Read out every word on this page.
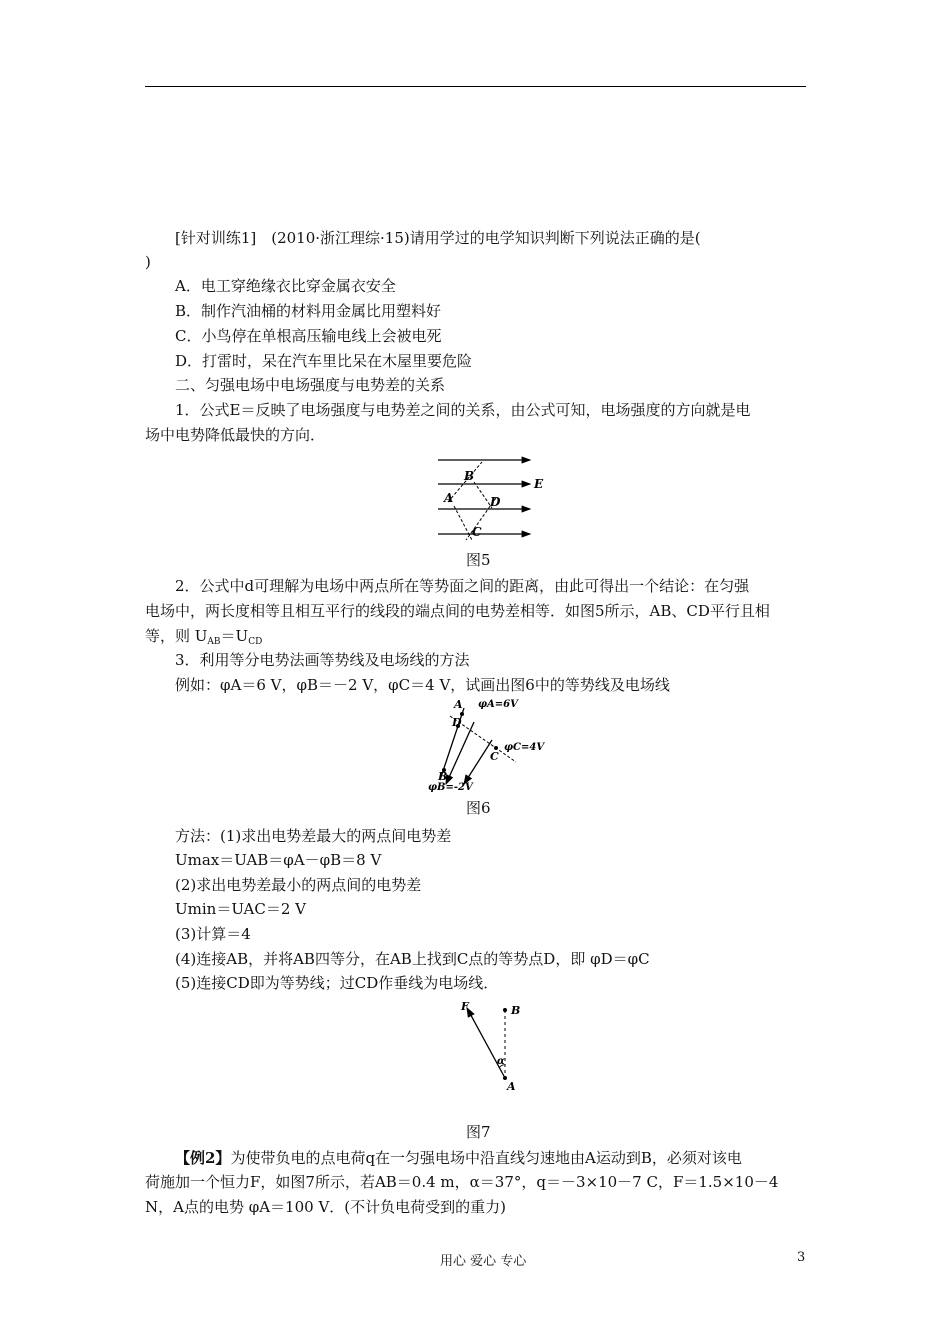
[针对训练1]　(2010·浙江理综·15)请用学过的电学知识判断下列说法正确的是(
)
A．电工穿绝缘衣比穿金属衣安全
B．制作汽油桶的材料用金属比用塑料好
C．小鸟停在单根高压输电线上会被电死
D．打雷时，呆在汽车里比呆在木屋里要危险
二、匀强电场中电场强度与电势差的关系
1．公式E＝反映了电场强度与电势差之间的关系，由公式可知，电场强度的方向就是电
场中电势降低最快的方向．
B
A	D
C
E
图5
2．公式中d可理解为电场中两点所在等势面之间的距离，由此可得出一个结论：在匀强
电场中，两长度相等且相互平行的线段的端点间的电势差相等．如图5所示，AB、CD平行且相
等，则 $U_{AB}=U_{CD}$
3．利用等分电势法画等势线及电场线的方法
例如：φA＝6 V，φB＝－2 V，φC＝4 V，试画出图6中的等势线及电场线
A φA=6V
D
C
φC=4V
B
φB=-2V
图6
方法：(1)求出电势差最大的两点间电势差
Umax＝UAB＝φA－φB＝8 V
(2)求出电势差最小的两点间的电势差
Umin＝UAC＝2 V
(3)计算＝4
(4)连接AB，并将AB四等分，在AB上找到C点的等势点D，即 φD＝φC
(5)连接CD即为等势线；过CD作垂线为电场线．
F	B
α
A
图7
【例2】为使带负电的点电荷q在一匀强电场中沿直线匀速地由A运动到B，必须对该电
荷施加一个恒力F，如图7所示，若AB＝0.4 m，α＝37°，q＝－3×10－7 C，F＝1.5×10－4
N，A点的电势 φA＝100 V．(不计负电荷受到的重力)
用心 爱心 专心	3
